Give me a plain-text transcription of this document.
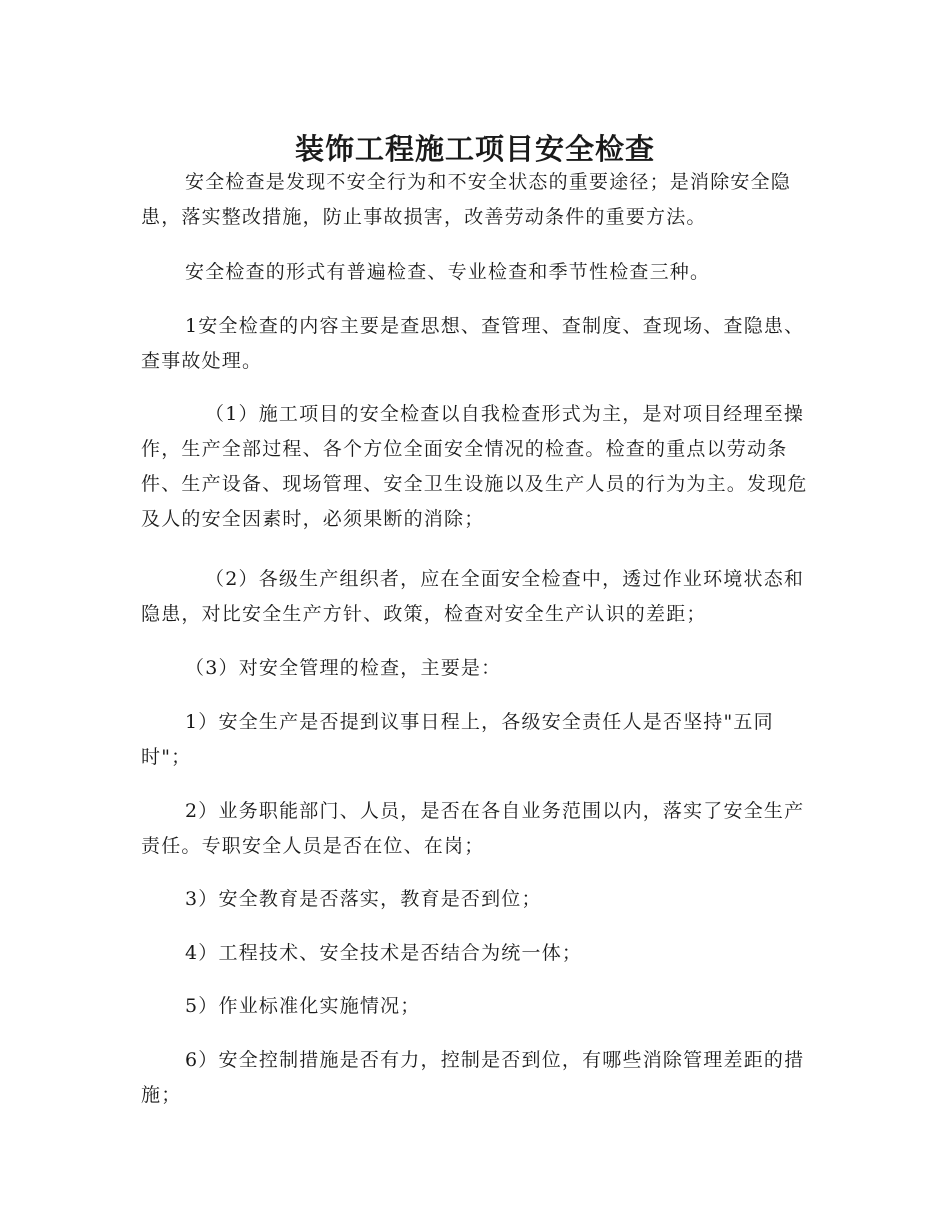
装饰工程施工项目安全检查

安全检查是发现不安全行为和不安全状态的重要途径；是消除安全隐患，落实整改措施，防止事故损害，改善劳动条件的重要方法。

安全检查的形式有普遍检查、专业检查和季节性检查三种。

1安全检查的内容主要是查思想、查管理、查制度、查现场、查隐患、查事故处理。

（1）施工项目的安全检查以自我检查形式为主，是对项目经理至操作，生产全部过程、各个方位全面安全情况的检查。检查的重点以劳动条件、生产设备、现场管理、安全卫生设施以及生产人员的行为为主。发现危及人的安全因素时，必须果断的消除；

（2）各级生产组织者，应在全面安全检查中，透过作业环境状态和隐患，对比安全生产方针、政策，检查对安全生产认识的差距；

（3）对安全管理的检查，主要是：

1）安全生产是否提到议事日程上，各级安全责任人是否坚持"五同时"；

2）业务职能部门、人员，是否在各自业务范围以内，落实了安全生产责任。专职安全人员是否在位、在岗；

3）安全教育是否落实，教育是否到位；

4）工程技术、安全技术是否结合为统一体；

5）作业标准化实施情况；

6）安全控制措施是否有力，控制是否到位，有哪些消除管理差距的措施；
